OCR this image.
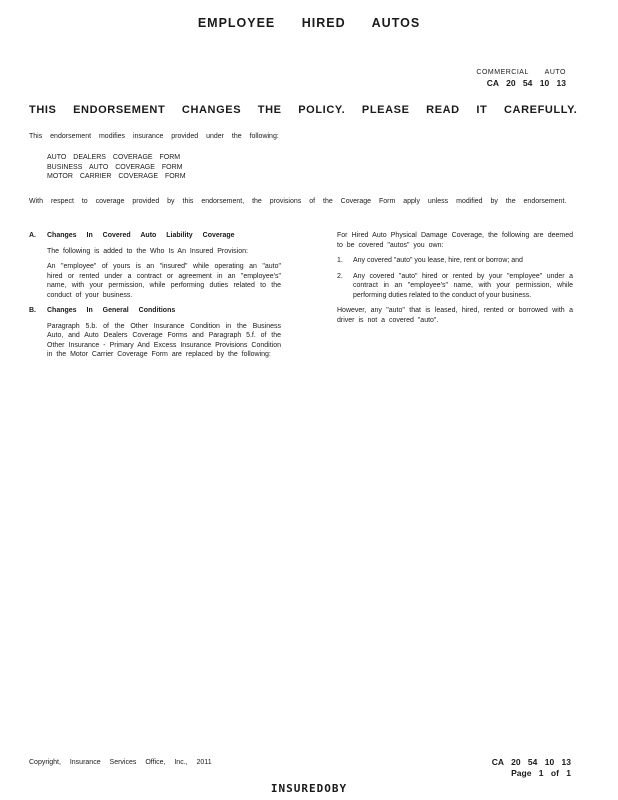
EMPLOYEE HIRED AUTOS
COMMERCIAL AUTO
CA 20 54 10 13
THIS ENDORSEMENT CHANGES THE POLICY. PLEASE READ IT CAREFULLY.
This endorsement modifies insurance provided under the following:
AUTO DEALERS COVERAGE FORM
BUSINESS AUTO COVERAGE FORM
MOTOR CARRIER COVERAGE FORM
With respect to coverage provided by this endorsement, the provisions of the Coverage Form apply unless modified by the endorsement.
A.	Changes In Covered Auto Liability Coverage
The following is added to the Who Is An Insured Provision:
An "employee" of yours is an "insured" while operating an "auto" hired or rented under a contract or agreement in an "employee's" name, with your permission, while performing duties related to the conduct of your business.
B.	Changes In General Conditions
Paragraph 5.b. of the Other Insurance Condition in the Business Auto, and Auto Dealers Coverage Forms and Paragraph 5.f. of the Other Insurance - Primary And Excess Insurance Provisions Condition in the Motor Carrier Coverage Form are replaced by the following:
For Hired Auto Physical Damage Coverage, the following are deemed to be covered "autos" you own:
1.	Any covered "auto" you lease, hire, rent or borrow; and
2.	Any covered "auto" hired or rented by your "employee" under a contract in an "employee's" name, with your permission, while performing duties related to the conduct of your business.
However, any "auto" that is leased, hired, rented or borrowed with a driver is not a covered "auto".
Copyright, Insurance Services Office, Inc., 2011	CA 20 54 10 13
Page 1 of 1
INSUREDOBY
